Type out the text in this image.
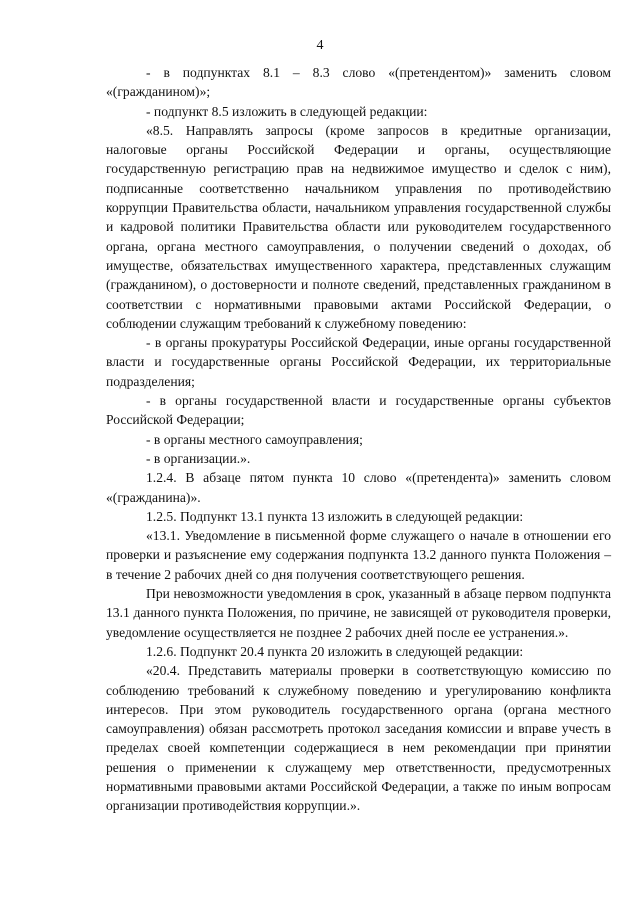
4

- в подпунктах 8.1 – 8.3 слово «(претендентом)» заменить словом «(гражданином)»;

- подпункт 8.5 изложить в следующей редакции:

«8.5. Направлять запросы (кроме запросов в кредитные организации, налоговые органы Российской Федерации и органы, осуществляющие государственную регистрацию прав на недвижимое имущество и сделок с ним), подписанные соответственно начальником управления по противодействию коррупции Правительства области, начальником управления государственной службы и кадровой политики Правительства области или руководителем государственного органа, органа местного самоуправления, о получении сведений о доходах, об имуществе, обязательствах имущественного характера, представленных служащим (гражданином), о достоверности и полноте сведений, представленных гражданином в соответствии с нормативными правовыми актами Российской Федерации, о соблюдении служащим требований к служебному поведению:

- в органы прокуратуры Российской Федерации, иные органы государственной власти и государственные органы Российской Федерации, их территориальные подразделения;

- в органы государственной власти и государственные органы субъектов Российской Федерации;

- в органы местного самоуправления;

- в организации.».

1.2.4. В абзаце пятом пункта 10 слово «(претендента)» заменить словом «(гражданина)».

1.2.5. Подпункт 13.1 пункта 13 изложить в следующей редакции:

«13.1. Уведомление в письменной форме служащего о начале в отношении его проверки и разъяснение ему содержания подпункта 13.2 данного пункта Положения – в течение 2 рабочих дней со дня получения соответствующего решения.

При невозможности уведомления в срок, указанный в абзаце первом подпункта 13.1 данного пункта Положения, по причине, не зависящей от руководителя проверки, уведомление осуществляется не позднее 2 рабочих дней после ее устранения.».

1.2.6. Подпункт 20.4 пункта 20 изложить в следующей редакции:

«20.4. Представить материалы проверки в соответствующую комиссию по соблюдению требований к служебному поведению и урегулированию конфликта интересов. При этом руководитель государственного органа (органа местного самоуправления) обязан рассмотреть протокол заседания комиссии и вправе учесть в пределах своей компетенции содержащиеся в нем рекомендации при принятии решения о применении к служащему мер ответственности, предусмотренных нормативными правовыми актами Российской Федерации, а также по иным вопросам организации противодействия коррупции.».
